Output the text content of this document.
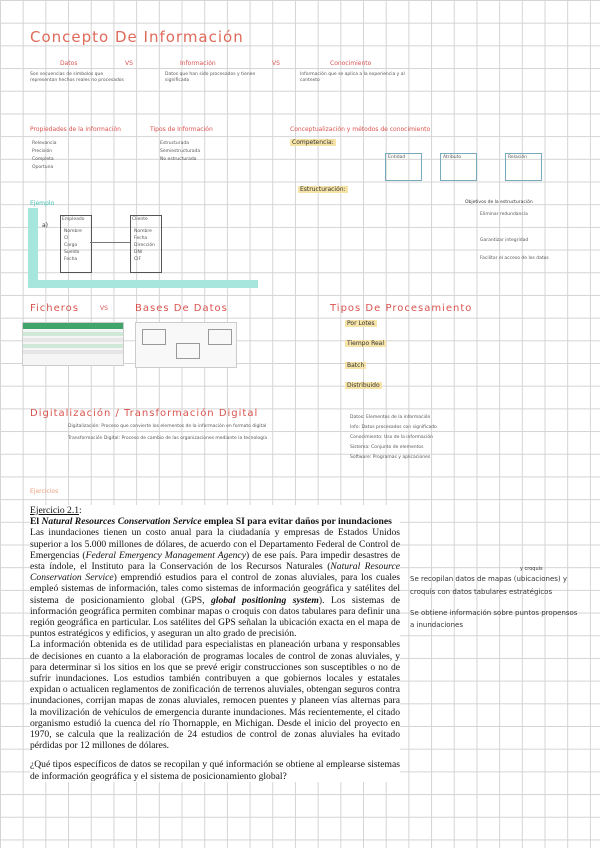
Concepto De Información
Datos	VS	Información	VS	Conocimiento
Son secuencias de símbolos que representan hechos reales no procesados
Datos que han sido procesados y tienen significado
Información que se aplica a la experiencia y al contexto
Propiedades de la información
Relevancia
Precisión
Completa
Oportuna
Tipos de Información
Estructurada
Semiestructurada
No estructurada
Conceptualización y métodos de conocimiento
Competencia:
Entidad	Atributo	Relación
Estructuración:
Objetivos de la estructuración
Eliminar redundancia
Garantizar integridad
Facilitar el acceso de los datos
Ejemplo
a)
Empleado
Nombre
CI
Cargo
Sueldo
Fecha
Cliente
Nombre
Fecha
Dirección
DNI
CIF
Ficheros	VS	Bases De Datos	Tipos De Procesamiento
Por Lotes
Tiempo Real
Batch
Distribuido
Digitalización / Transformación Digital
Digitalización: Proceso que convierte los elementos de la información en formato digital
Transformación Digital: Proceso de cambio de las organizaciones mediante la tecnología
Datos: Elementos de la información
Info: Datos procesados con significado
Conocimiento: Uso de la información
Sistema: Conjunto de elementos
Software: Programas y aplicaciones
Ejercicios

Ejercicio 2.1:

El Natural Resources Conservation Service emplea SI para evitar daños por inundaciones

Las inundaciones tienen un costo anual para la ciudadanía y empresas de Estados Unidos superior a los 5.000 millones de dólares, de acuerdo con el Departamento Federal de Control de Emergencias (Federal Emergency Management Agency) de ese país. Para impedir desastres de esta índole, el Instituto para la Conservación de los Recursos Naturales (Natural Resource Conservation Service) emprendió estudios para el control de zonas aluviales, para los cuales empleó sistemas de información, tales como sistemas de información geográfica y satélites del sistema de posicionamiento global (GPS, global positioning system). Los sistemas de información geográfica permiten combinar mapas o croquis con datos tabulares para definir una región geográfica en particular. Los satélites del GPS señalan la ubicación exacta en el mapa de puntos estratégicos y edificios, y aseguran un alto grado de precisión.

La información obtenida es de utilidad para especialistas en planeación urbana y responsables de decisiones en cuanto a la elaboración de programas locales de control de zonas aluviales, y para determinar si los sitios en los que se prevé erigir construcciones son susceptibles o no de sufrir inundaciones. Los estudios también contribuyen a que gobiernos locales y estatales expidan o actualicen reglamentos de zonificación de terrenos aluviales, obtengan seguros contra inundaciones, corrijan mapas de zonas aluviales, remocen puentes y planeen vías alternas para la movilización de vehículos de emergencia durante inundaciones. Más recientemente, el citado organismo estudió la cuenca del río Thornapple, en Michigan. Desde el inicio del proyecto en 1970, se calcula que la realización de 24 estudios de control de zonas aluviales ha evitado pérdidas por 12 millones de dólares.

¿Qué tipos específicos de datos se recopilan y qué información se obtiene al emplearse sistemas de información geográfica y el sistema de posicionamiento global?

y croquis
Se recopilan datos de mapas (ubicaciones) y
croquis con datos tabulares estratégicos
Se obtiene información sobre puntos propensos
a inundaciones
